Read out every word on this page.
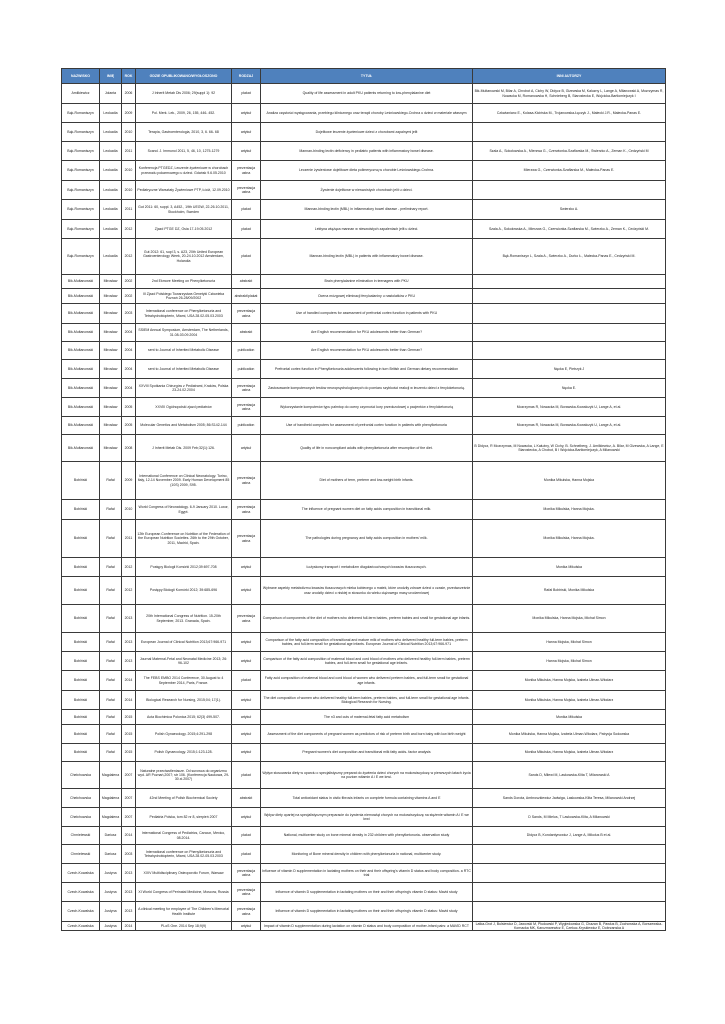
NAZWISKO	IMIĘ	ROK	GDZIE OPUBLIKOWANO/WYGŁOSZONO	RODZAJ	TYTUŁ	INNI AUTORZY
Amilkiewicz	Jolanta	2006	J Inherit Metab Dis 2006; 29(suppl 1): 92	plakat	Quality of life assessment in adult PKU patients returning to low-phenylalanine diet	Bik-Multanowski M, Bilar A, Chrobot A, Cichy W, Didycz B, Gizewska M, Kaluzny L, Lange A, Milanowski A, Mozrzymas R, Nowacka M, Romanowska H, Schnieberg B, Starostecka E, Wojcicka-Bartlomiejczyk I
Bąk-Romaniszyn	Leokadia	2009	Pol. Merk. Lek., 2009, 26, 155, 446- 452.	artykuł	Analiza częstości występowania, przebiegu klinicznego oraz terapii choroby Leśniowskiego-Crohna u dzieci w materiale własnym	Czkwianianc E., Kolasa-Kicińska M., Trojanowska-Łęczyk J., Małecki J.R., Małecka-Panas E.
Bąk-Romaniszyn	Leokadia	2010	Terapia, Gastroenterologia, 2010, 3, 6. 66- 68	artykuł	Dojelitowe leczenie żywieniowe dzieci z chorobami zapalnymi jelit	
Bąk-Romaniszyn	Leokadia	2011	Scand. J. Immunol 2011, 5, 46, 10, 1275-1279	artykuł	Mannan-binding lectin deficiency in pediatric patients with inflammatory bowel disease.	Szala A., Sokołowska A., Mierzwa G., Czerwionka-Szaflarska M., Swierzko A., Zeman K., Cedzyński M
Bąk-Romaniszyn	Leokadia	2010	Konferencja PTGEDZ, Leczenie żywieniowe w chorobach przewodu pokarmowego u dzieci. Gdańsk 9.6.05.2010	prezentacja ustna	Leczenie żywieniowe dojelitowe dieta polimeryczną w chorobie Leśniowskiego-Crohna.	Mierzwa G., Czerwionka-Szaflarska M., Małecka-Panas E.
Bąk-Romaniszyn	Leokadia	2010	Pediatryczne Warsztaty Żywieniowe PTP, Łódź, 12.09.2010	prezentacja ustna	Żywienie dojelitowe w nieswoistych chorobach jelit u dzieci.	
Bąk-Romaniszyn	Leokadia	2011	Gut 2011: 60, suppl. 3, A452., 19th UEGW, 22-26.10.2011, Stockholm, Sweden	plakat	Mannan-binding lectin (MBL) in inflammatory bowel disease - preliminary report.	Swierzko A.
Bąk-Romaniszyn	Leokadia	2012	Zjazd PTGE DZ, Osia 17-19.05.2012	plakat	Lektyna wiążąca mannan w nieswoistych zapaleniach jelit u dzieci.	Szala A., Sokołowska A., Mierzwa G., Czerwionka-Szaflarska M., Swierzko A., Zeman K., Cedzyński M.
Bąk-Romaniszyn	Leokadia	2012	Gut 2012: 61, supl 3, s. A23, 20th United European Gastroenterology Week, 20-24.10.2012 Amsterdam, Holandia	plakat	Mannan-binding lectin (MBL) in patients with inflammatory bowel disease.	Bąk-Romaniszyn L, Szala A., Swierzko A., Durko Ł., Małecka-Panas E., Cedzyński M.
Bik-Multanowski	Mirosław	2002	2nd Ekmore Meeting on Phenylketonuria	abstrakt	Brain phenylalanine elimination in teenagers with PKU	
Bik-Multanowski	Mirosław	2002	III Zjazd Polskiego Towarzystwa Genetyki Człowieka Poznań 26-28/09/2002	abstrakt/plakat	Ocena mózgowej eliminacji fenyloalaniny u nastolatków z PKU	
Bik-Multanowski	Mirosław	2003	International conference on Phenylketonuria and Tetrahydrobiopterin, Miami, USA 28.02-05.03.2003	prezentacja ustna	Use of handled computers for assessment of prefrontal cortex function in patients with PKU	
Bik-Multanowski	Mirosław	2004	SSIEM Annual Symposium, Amsterdam, The Netherlands, 31.08-03.09.2004	abstrakt	Are English recommendation for PKU adolescents better than German?	
Bik-Multanowski	Mirosław	2004	sent to Journal of Inherited Metabolic Disease	publication	Are English recommendation for PKU adolescents better than German?	
Bik-Multanowski	Mirosław	2004	sent to Journal of Inherited Metabolic Disease	publication	Prefrontal cortex function in Phenylketonuria adolescents following in turn British and German dietary recommendation	Nęcka E, Pietrzyk J
Bik-Multanowski	Mirosław	2004	XXVIII Spotkania Chirurgów z Pediatrami, Kraków, Polska 23-24.02.2004	prezentacja ustna	Zastosowanie komputerowych testów neuropsychologicznych do pomiaru szybkości reakcji w leczeniu dzieci z fenyloketonurią.	Nęcka E.
Bik-Multanowski	Mirosław	2005	XXVIII Ogólnopolski zjazd pediatrów	prezentacja ustna	Wykorzystanie komputerów typu palmtop do oceny czynności kory przedczołowej u pacjentów z fenyloketonurią	Mozrzymas R, Nowacka M, Borawska-Kowalczyk U, Lange A, et al.
Bik-Multanowski	Mirosław	2005	Molecular Genetics and Metabolism 2005; 86:S142-144	publication	Use of handheld computers for assessment of prefrontal cortex function in patients with phenylketonuria	Mozrzymas R, Nowacka M, Borawska-Kowalczyk U, Lange A, et al.
Bik-Multanowski	Mirosław	2008	J Inherit Metab Dis. 2009 Feb;32(1):126.	artykuł	Quality of life in noncompliant adults with phenylketonuria after resumption of the diet.	B Didycz, R Mozrzymas, M Nowacka, L Kałużny, W Cichy, B. Schneiberg, J. Amilkiewicz, A. Bilar, M Gizewska, A Lange, E Starostecka, A Chobot, B I Wojcicka-Bartłomiejczyk, A Milanowski
Bobiński	Rafał	2009	International Conference on Clinical Neonatology. Torino, Italy, 12-14 November 2009. Early Human Development 85 (10S) 2009, S95.	prezentacja ustna	Diet of mothers of term, preterm and low-weight birth infants.	Monika Mikulska, Hanna Mojska
Bobiński	Rafał	2010	World Congress of Neonatology. 6-9 January 2010. Luxor, Egypt.	prezentacja ustna	The influence of pregnant women diet on fatty acids composition in transitional milk.	Monika Mikulska, Hanna Mojska.
Bobiński	Rafał	2011	12th European Conference on Nutrition of the Federation of the European Nutrition Societies. 26th to the 29th October, 2011, Madrid, Spain.	prezentacja ustna	The pathologies during pregnancy and fatty acids composition in mothers' milk.	Monika Mikulska, Hanna Mojska.
Bobiński	Rafał	2012	Postępy Biologii Komórki 2012;39:697-708	artykuł	Łożyskowy transport i metabolizm długołańcuchowych kwasów tłuszczowych.	Monika Mikulska
Bobiński	Rafał	2012	Postępy Biologii Komórki 2012; 39:685-696	artykuł	Wybrane aspekty metabolizmu kwasów tłuszczowych mleka kobiecego u matek, które urodziły zdrowe dzieci o czasie, przedwcześnie oraz urodziły dzieci o niskiej w stosunku do wieku ciążowego masy urodzeniowej	Rafał Bobiński, Monika Mikulska
Bobiński	Rafał	2013	20th International Congress of Nutrition. 15-20th September, 2013. Granada, Spain.	prezentacja ustna	Comparison of components of the diet of mothers who delivered full-term babies, preterm babies and small for gestational age infants.	Monika Mikulska, Hanna Mojska, Michał Simon
Bobiński	Rafał	2013	European Journal of Clinical Nutrition 2013;67:966-971	artykuł	Comparison of the fatty acid composition of transitional and mature milk of mothers who delivered healthy full-term babies, preterm babies, and full-term small for gestational age infants. European Journal of Clinical Nutrition 2013;67:966-971	Hanna Mojska, Michał Simon
Bobiński	Rafał	2013	Journal Maternal-Fetal and Neonatal Medicine 2013; 26: 96-102	artykuł	Comparison of the fatty acid composition of maternal blood and cord blood of mothers who delivered healthy full-term babies, preterm babies, and full-term small for gestational age infants.	Hanna Mojska, Michał Simon
Bobiński	Rafał	2014	The FEBS EMBO 2014 Conference, 30 August to 4 September 2014, Paris, France.	plakat	Fatty acid composition of maternal blood and cord blood of women who delivered preterm babies, and full-term small for gestational age infants.	Monika Mikulska, Hanna Mojska, Izabela Ulman-Włodarz
Bobiński	Rafał	2014	Biological Research for Nursing, 2015;04; 17(1).	artykuł	The diet composition of women who delivered healthy full-term babies, preterm babies, and full-term small for gestational age infants. Biological Research for Nursing.	Monika Mikulska, Hanna Mojska, Izabela Ulman-Włodarz
Bobiński	Rafał	2015	Acta Biochimica Polonica 2015; 62(3) 499-507.	artykuł	The n3 and cuts of maternal-fetal fatty acid metabolism	Monika Mikulska
Bobiński	Rafał	2015	Polish Gynaecology. 2015;4:291-298	artykuł	Assessment of the diet components of pregnant women as predictors of risk of preterm birth and born baby with low birth weight	Monika Mikulska, Hanna Mojska, Izabela Ulman-Włodarz, Patrycja Sodowska
Bobiński	Rafał	2015	Polish Gynaecology. 2015;1:123-128.	artykuł	Pregnant women's diet composition and transitional milk fatty acids- factor analysis	Monika Mikulska, Hanna Mojska, Izabela Ulman-Włodarz
Chełchowska	Magdalena	2007	Naturalne przeciwutleniacze. Od surowca do organizmu wyd. AR Poznań,2007; str 106. (Konferencja Naukowa, 29-30.xi.2007)	plakat	Wpływ stosowania diety w oparciu o specjalistyczny preparat do żywienia dzieci chorych na mukowiscydozę w pierwszych latach życia na poziom witamin A i E we krwi.	Sands D, Milewi M, Laskowska-Klita T, Milanowski A
Chełchowska	Magdalena	2007	42nd Meeting of Polish Biochemical Society	abstrakt	Total antioxidant status in cistic fibrosis infants on complete formula containing vitamins A and E	Sands Dorota, Ambroszkiewicz Jadwiga, Laskowska-Klita Teresa, Milanowski Andrzej
Chełchowska	Magdalena	2007	Pediatria Polska, tom 82 nr 8, sierpień 2007	artykuł	Wpływ diety opartej na specjalistycznym preparacie do żywienia niemowląt chorych na mukowiscydozę na stężenie witamin A i E we krwi	D Sands, M Mielus, T Laskowska-Klita, A Milanowski
Chmielewski	Dariusz	2014	International Congress of Pediatrics, Cancun, Mexico, 08.2014.	plakat	National, multicenter study on bone mineral density in 232 children with phenylketonuria- observation study	Didycz B, Kondantynowicz J, Lange A, Mikolus B et al.
Chmielewski	Dariusz	2003	International conference on Phenylketonuria and Tetrahydrobiopterin, Miami, USA 28.02-05.03.2003	plakat	Monitoring of Bone mineral density in children with phenylketonuria in national, multicenter study.	
Czech-Kowalska	Justyna	2013	XXIV Multidisciplinary Osteoporotic Forum, Warsaw	prezentacja ustna	Influence of vitamin D supplementation in lactating mothers on their and their offspring's vitamin D status and body composition- a RTC trial	
Czech-Kowalska	Justyna	2013	XI World Congress of Perinatal Medicine, Moscow, Russia	prezentacja ustna	Influence of vitamin D supplementation in lactating mothers on their and their offspring's vitamin D status: Mavid study	
Czech-Kowalska	Justyna	2013	A clinical meeting for employee of The Children's Memorial Health Institute	prezentacja ustna	Influence of vitamin D supplementation in lactating mothers on their and their offspring's vitamin D status: Mavid study	
Czech-Kowalska	Justyna	2014	PLoS One. 2014 Sep 18;9(9)	artykuł	Impact of vitamin D supplementation during lactation on vitamin D status and body composition of mother-infant pairs: a MAVID RCT	Latka-Grot J, Bulsiewicz D, Jaworski M, Pludowski P, Wygledowska G, Chazan B, Pawlus B, Zochowska A, Borszewska-Kornacka MK, Karczmarewicz E, Czekuc-Kryskiewicz E, Dobrzanska A
